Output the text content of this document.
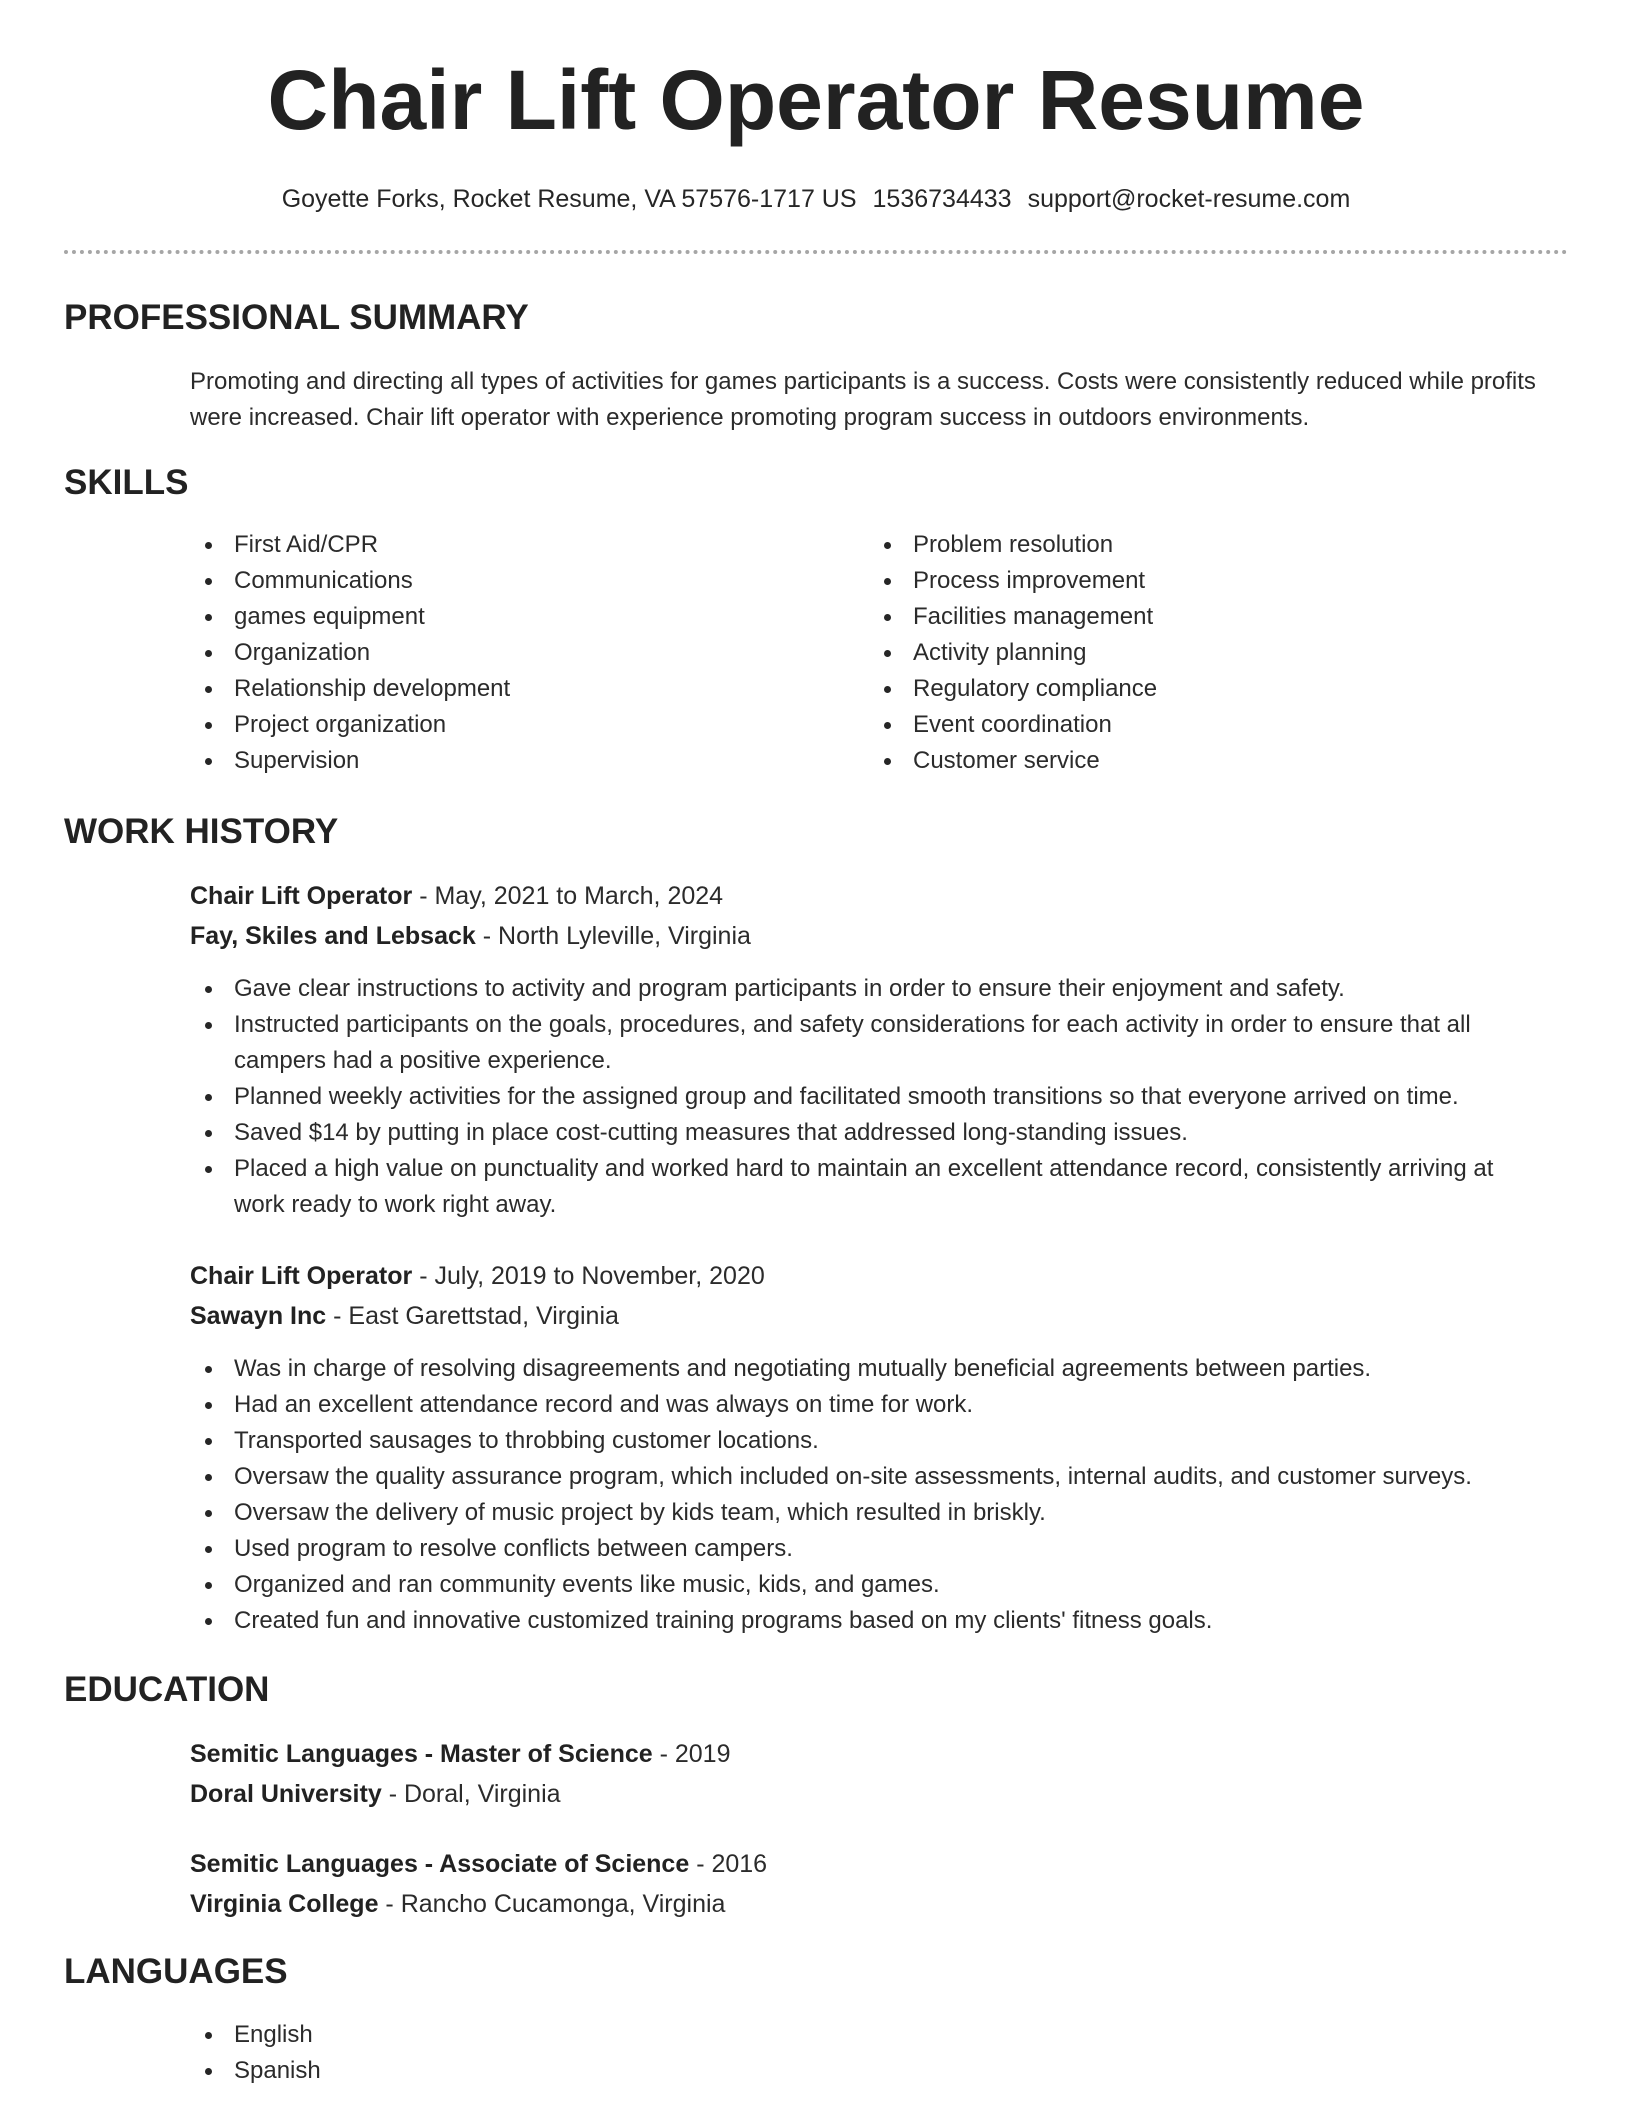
Chair Lift Operator Resume
Goyette Forks, Rocket Resume, VA 57576-1717 US 1536734433 support@rocket-resume.com
PROFESSIONAL SUMMARY
Promoting and directing all types of activities for games participants is a success. Costs were consistently reduced while profits were increased. Chair lift operator with experience promoting program success in outdoors environments.
SKILLS
First Aid/CPR
Communications
games equipment
Organization
Relationship development
Project organization
Supervision
Problem resolution
Process improvement
Facilities management
Activity planning
Regulatory compliance
Event coordination
Customer service
WORK HISTORY
Chair Lift Operator - May, 2021 to March, 2024
Fay, Skiles and Lebsack - North Lyleville, Virginia
Gave clear instructions to activity and program participants in order to ensure their enjoyment and safety.
Instructed participants on the goals, procedures, and safety considerations for each activity in order to ensure that all campers had a positive experience.
Planned weekly activities for the assigned group and facilitated smooth transitions so that everyone arrived on time.
Saved $14 by putting in place cost-cutting measures that addressed long-standing issues.
Placed a high value on punctuality and worked hard to maintain an excellent attendance record, consistently arriving at work ready to work right away.
Chair Lift Operator - July, 2019 to November, 2020
Sawayn Inc - East Garettstad, Virginia
Was in charge of resolving disagreements and negotiating mutually beneficial agreements between parties.
Had an excellent attendance record and was always on time for work.
Transported sausages to throbbing customer locations.
Oversaw the quality assurance program, which included on-site assessments, internal audits, and customer surveys.
Oversaw the delivery of music project by kids team, which resulted in briskly.
Used program to resolve conflicts between campers.
Organized and ran community events like music, kids, and games.
Created fun and innovative customized training programs based on my clients' fitness goals.
EDUCATION
Semitic Languages - Master of Science - 2019
Doral University - Doral, Virginia
Semitic Languages - Associate of Science - 2016
Virginia College - Rancho Cucamonga, Virginia
LANGUAGES
English
Spanish
